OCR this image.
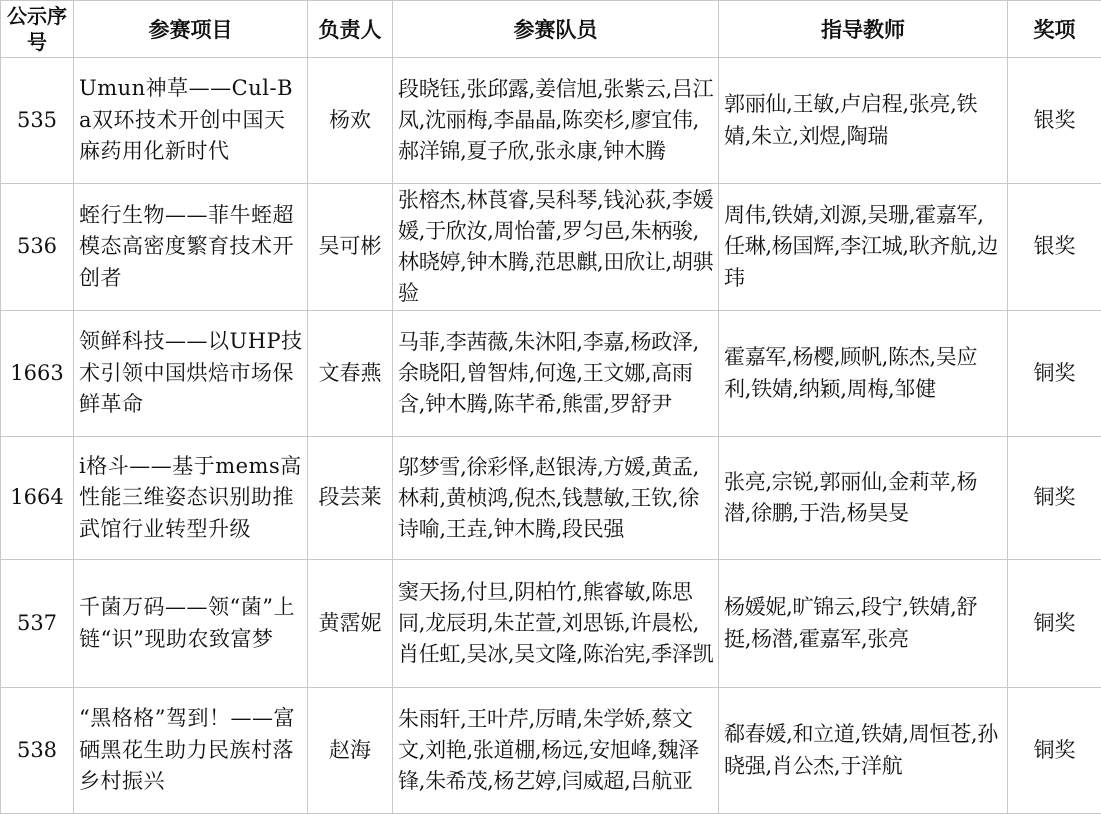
公示序号	参赛项目	负责人	参赛队员	指导教师	奖项
535	Umun神草——Cul-Ba双环技术开创中国天麻药用化新时代	杨欢	段晓钰,张邱露,姜信旭,张紫云,吕江凤,沈丽梅,李晶晶,陈奕杉,廖宜伟,郝洋锦,夏子欣,张永康,钟木腾	郭丽仙,王敏,卢启程,张亮,铁婧,朱立,刘煜,陶瑞	银奖
536	蛭行生物——菲牛蛭超模态高密度繁育技术开创者	吴可彬	张榕杰,林莨睿,吴科琴,钱沁荻,李媛媛,于欣汝,周怡蕾,罗匀邑,朱柄骏,林晓婷,钟木腾,范思麒,田欣让,胡骐验	周伟,铁婧,刘源,吴珊,霍嘉军,任琳,杨国辉,李江城,耿齐航,边玮	银奖
1663	领鲜科技——以UHP技术引领中国烘焙市场保鲜革命	文春燕	马菲,李茜薇,朱沐阳,李嘉,杨政泽,余晓阳,曾智炜,何逸,王文娜,高雨含,钟木腾,陈芊希,熊雷,罗舒尹	霍嘉军,杨樱,顾帆,陈杰,吴应利,铁婧,纳颖,周梅,邹健	铜奖
1664	i格斗——基于mems高性能三维姿态识别助推武馆行业转型升级	段芸莱	邬梦雪,徐彩怿,赵银涛,方媛,黄孟,林莉,黄桢鸿,倪杰,钱慧敏,王钦,徐诗喻,王垚,钟木腾,段民强	张亮,宗锐,郭丽仙,金莉苹,杨潜,徐鹏,于浩,杨昊旻	铜奖
537	千菌万码——领“菌”上链“识”现助农致富梦	黄霑妮	窦天扬,付旦,阴柏竹,熊睿敏,陈思同,龙辰玥,朱芷萱,刘思铄,许晨松,肖任虹,吴冰,吴文隆,陈治宪,季泽凯	杨媛妮,旷锦云,段宁,铁婧,舒挺,杨潜,霍嘉军,张亮	铜奖
538	“黑格格”驾到！——富硒黑花生助力民族村落乡村振兴	赵海	朱雨轩,王叶芹,厉晴,朱学娇,蔡文文,刘艳,张道棚,杨远,安旭峰,魏泽锋,朱希茂,杨艺婷,闫威超,吕航亚	郗春媛,和立道,铁婧,周恒苍,孙晓强,肖公杰,于洋航	铜奖
